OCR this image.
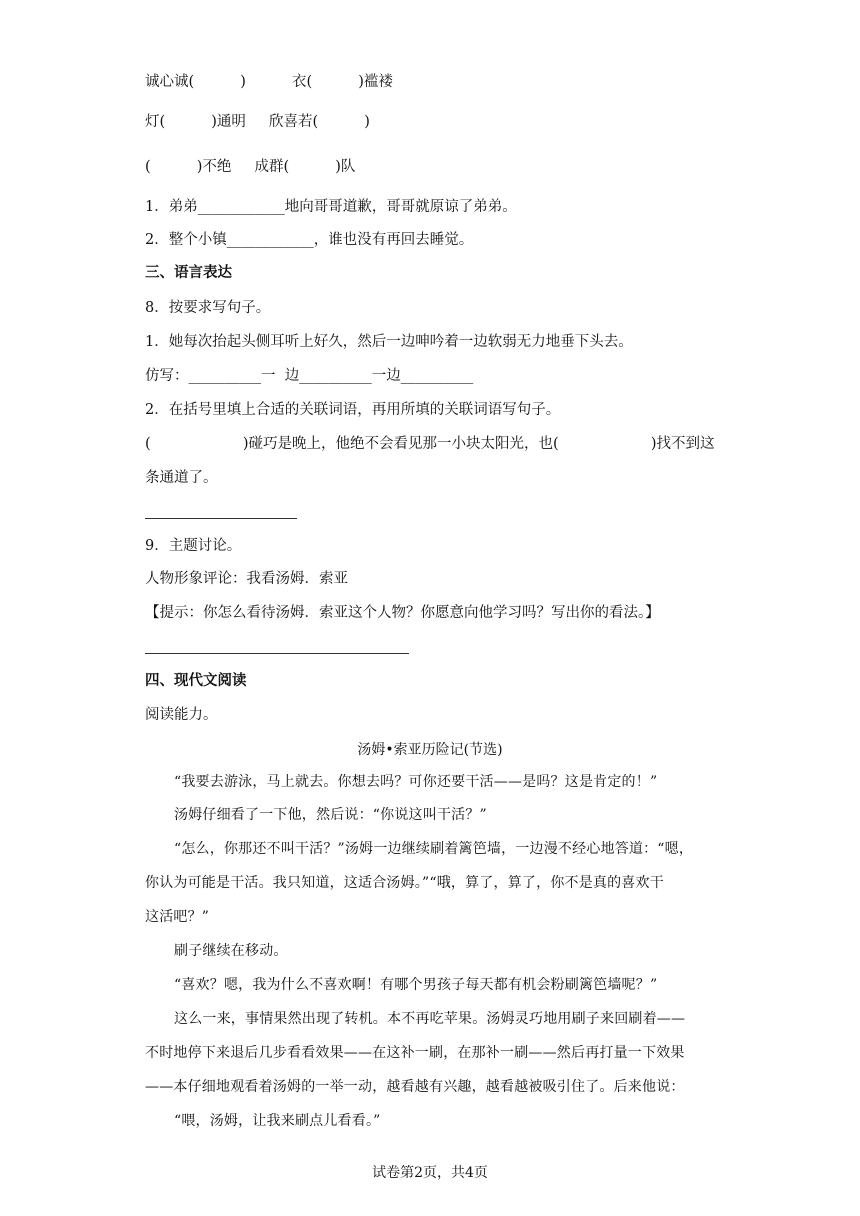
诚心诚(          )          衣(          )褴褛
灯(          )通明     欣喜若(          )
(          )不绝     成群(          )队
1．弟弟____________地向哥哥道歉，哥哥就原谅了弟弟。
2．整个小镇____________，谁也没有再回去睡觉。
三、语言表达
8．按要求写句子。
1．她每次抬起头侧耳听上好久，然后一边呻吟着一边软弱无力地垂下头去。
仿写：__________一  边__________一边__________
2．在括号里填上合适的关联词语，再用所填的关联词语写句子。
(                    )碰巧是晚上，他绝不会看见那一小块太阳光，也(                    )找不到这
条通道了。
9．主题讨论。
人物形象评论：我看汤姆．索亚
【提示：你怎么看待汤姆．索亚这个人物？你愿意向他学习吗？写出你的看法。】
四、现代文阅读
阅读能力。
汤姆•索亚历险记(节选)
“我要去游泳，马上就去。你想去吗？可你还要干活——是吗？这是肯定的！”
汤姆仔细看了一下他，然后说：“你说这叫干活？”
“怎么，你那还不叫干活？”汤姆一边继续刷着篱笆墙，一边漫不经心地答道：“嗯，
你认为可能是干活。我只知道，这适合汤姆。”“哦，算了，算了，你不是真的喜欢干
这活吧？”
刷子继续在移动。
“喜欢？嗯，我为什么不喜欢啊！有哪个男孩子每天都有机会粉刷篱笆墙呢？”
这么一来，事情果然出现了转机。本不再吃苹果。汤姆灵巧地用刷子来回刷着——
不时地停下来退后几步看看效果——在这补一刷，在那补一刷——然后再打量一下效果
——本仔细地观看着汤姆的一举一动，越看越有兴趣，越看越被吸引住了。后来他说：
“喂，汤姆，让我来刷点儿看看。”
试卷第2页，共4页
